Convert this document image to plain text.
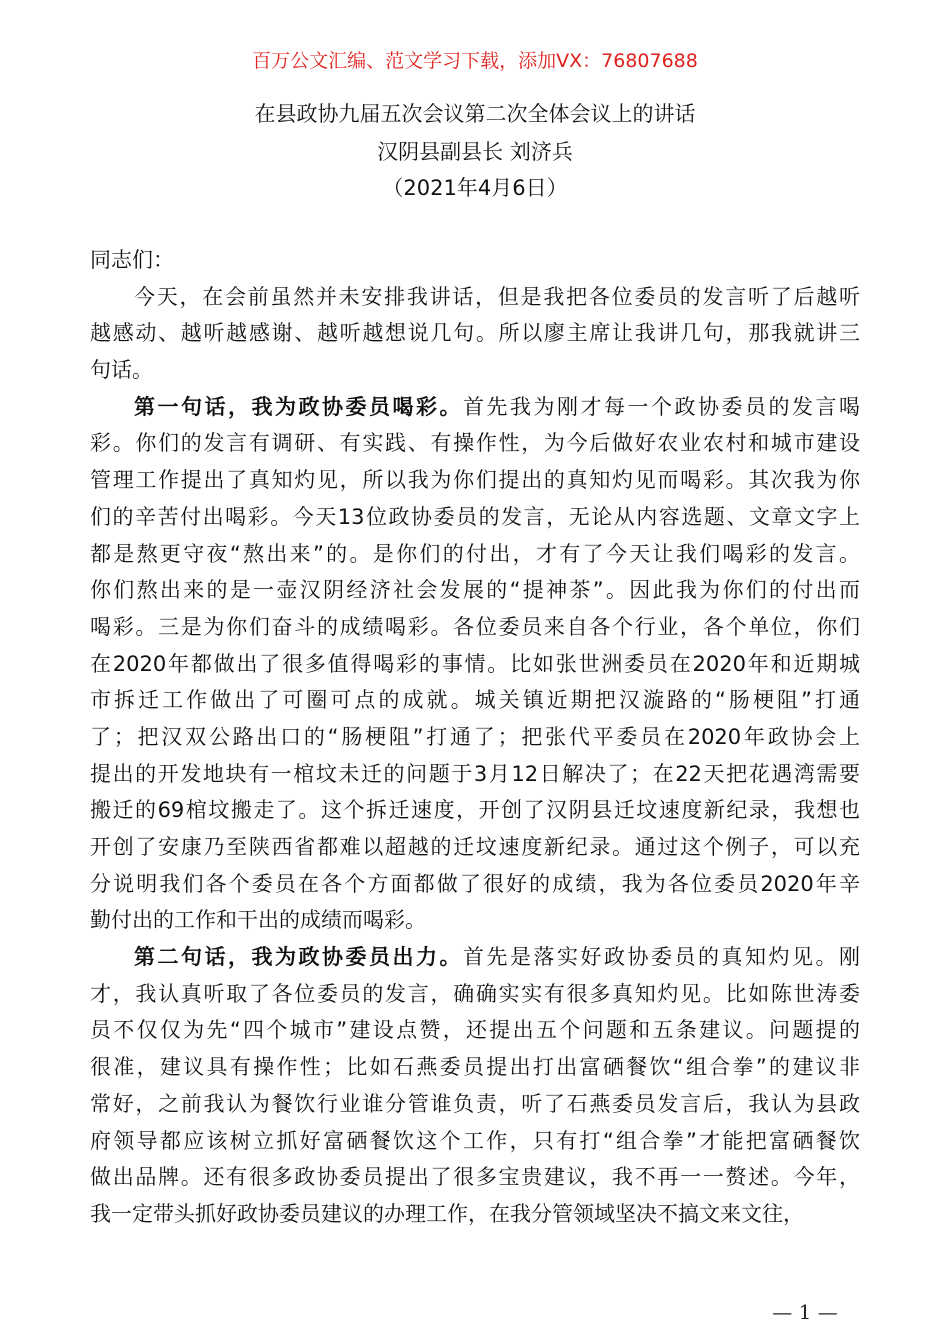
百万公文汇编、范文学习下载，添加VX：76807688
在县政协九届五次会议第二次全体会议上的讲话
汉阴县副县长 刘济兵
（2021年4月6日）
同志们：
今天，在会前虽然并未安排我讲话，但是我把各位委员的发言听了后越听
越感动、越听越感谢、越听越想说几句。所以廖主席让我讲几句，那我就讲三
句话。
第一句话，我为政协委员喝彩。首先我为刚才每一个政协委员的发言喝
彩。你们的发言有调研、有实践、有操作性，为今后做好农业农村和城市建设
管理工作提出了真知灼见，所以我为你们提出的真知灼见而喝彩。其次我为你
们的辛苦付出喝彩。今天13位政协委员的发言，无论从内容选题、文章文字上
都是熬更守夜“熬出来”的。是你们的付出，才有了今天让我们喝彩的发言。
你们熬出来的是一壶汉阴经济社会发展的“提神茶”。因此我为你们的付出而
喝彩。三是为你们奋斗的成绩喝彩。各位委员来自各个行业，各个单位，你们
在2020年都做出了很多值得喝彩的事情。比如张世洲委员在2020年和近期城
市拆迁工作做出了可圈可点的成就。城关镇近期把汉漩路的“肠梗阻”打通
了；把汉双公路出口的“肠梗阻”打通了；把张代平委员在2020年政协会上
提出的开发地块有一棺坟未迁的问题于3月12日解决了；在22天把花遇湾需要
搬迁的69棺坟搬走了。这个拆迁速度，开创了汉阴县迁坟速度新纪录，我想也
开创了安康乃至陕西省都难以超越的迁坟速度新纪录。通过这个例子，可以充
分说明我们各个委员在各个方面都做了很好的成绩，我为各位委员2020年辛
勤付出的工作和干出的成绩而喝彩。
第二句话，我为政协委员出力。首先是落实好政协委员的真知灼见。刚
才，我认真听取了各位委员的发言，确确实实有很多真知灼见。比如陈世涛委
员不仅仅为先“四个城市”建设点赞，还提出五个问题和五条建议。问题提的
很准，建议具有操作性；比如石燕委员提出打出富硒餐饮“组合拳”的建议非
常好，之前我认为餐饮行业谁分管谁负责，听了石燕委员发言后，我认为县政
府领导都应该树立抓好富硒餐饮这个工作，只有打“组合拳”才能把富硒餐饮
做出品牌。还有很多政协委员提出了很多宝贵建议，我不再一一赘述。今年，
我一定带头抓好政协委员建议的办理工作，在我分管领域坚决不搞文来文往，
— 1 —
